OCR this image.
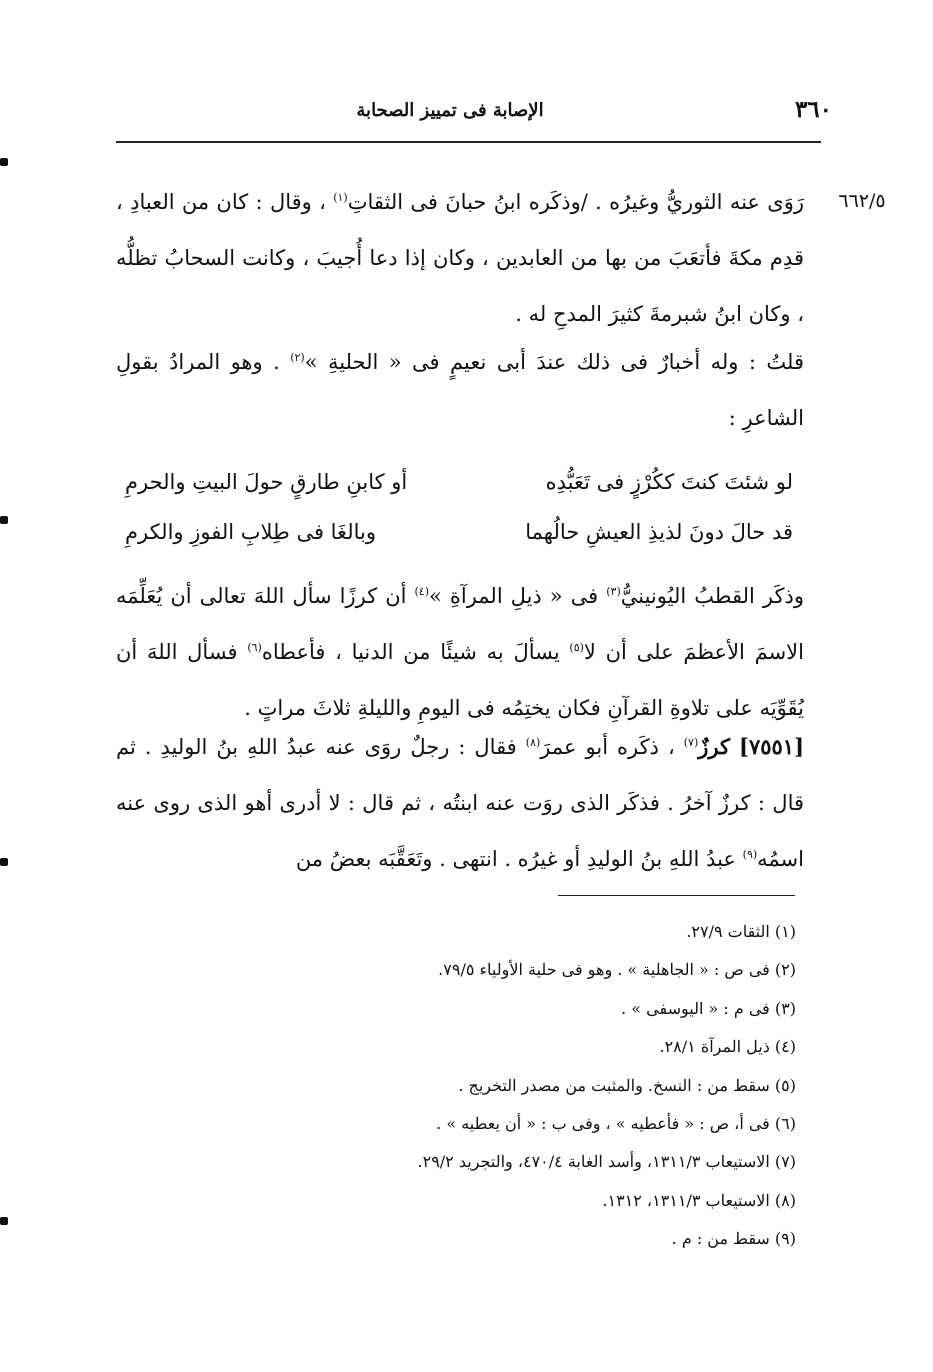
٣٦٠
الإصابة فى تمييز الصحابة
٦٦٢/٥
رَوَى عنه الثوريُّ وغيرُه . /وذكَره ابنُ حبانَ فى الثقاتِ$^{(١)}$ ، وقال : كان من العبادِ ، قدِم مكةَ فأتعَبَ من بها من العابدين ، وكان إذا دعا أُجيبَ ، وكانت السحابُ تظلُّه ، وكان ابنُ شبرمةَ كثيرَ المدحِ له .
قلتُ : وله أخبارٌ فى ذلك عندَ أبى نعيمٍ فى « الحليةِ »$^{(٢)}$ . وهو المرادُ بقولِ الشاعرِ :
لو شئتَ كنتَ ككُرْزٍ فى تَعَبُّدِه
أو كابنِ طارقٍ حولَ البيتِ والحرمِ
قد حالَ دونَ لذيذِ العيشِ حالُهما
وبالغَا فى طِلابِ الفوزِ والكرمِ
وذكَر القطبُ اليُونينيُّ$^{(٣)}$ فى « ذيلِ المرآةِ »$^{(٤)}$ أن كرزًا سأل اللهَ تعالى أن يُعَلِّمَه الاسمَ الأعظمَ على أن لا$^{(٥)}$ يسألَ به شيئًا من الدنيا ، فأعطاه$^{(٦)}$ فسأل اللهَ أن يُقَوِّيَه على تلاوةِ القرآنِ فكان يختِمُه فى اليومِ والليلةِ ثلاثَ مراتٍ .
[٧٥٥١] كرزٌ$^{(٧)}$ ، ذكَره أبو عمرَ$^{(٨)}$ فقال : رجلٌ روَى عنه عبدُ اللهِ بنُ الوليدِ . ثم قال : كرزٌ آخرُ . فذكَر الذى روَت عنه ابنتُه ، ثم قال : لا أدرى أهو الذى روى عنه اسمُه$^{(٩)}$ عبدُ اللهِ بنُ الوليدِ أو غيرُه . انتهى . وتَعَقَّبَه بعضُ من
(١) الثقات ٢٧/٩.
(٢) فى ص : « الجاهلية » . وهو فى حلية الأولياء ٧٩/٥.
(٣) فى م : « اليوسفى » .
(٤) ذيل المرآة ٢٨/١.
(٥) سقط من : النسخ. والمثبت من مصدر التخريج .
(٦) فى أ، ص : « فأعطيه » ، وفى ب : « أن يعطيه » .
(٧) الاستيعاب ١٣١١/٣، وأسد الغابة ٤٧٠/٤، والتجريد ٢٩/٢.
(٨) الاستيعاب ١٣١١/٣، ١٣١٢.
(٩) سقط من : م .
